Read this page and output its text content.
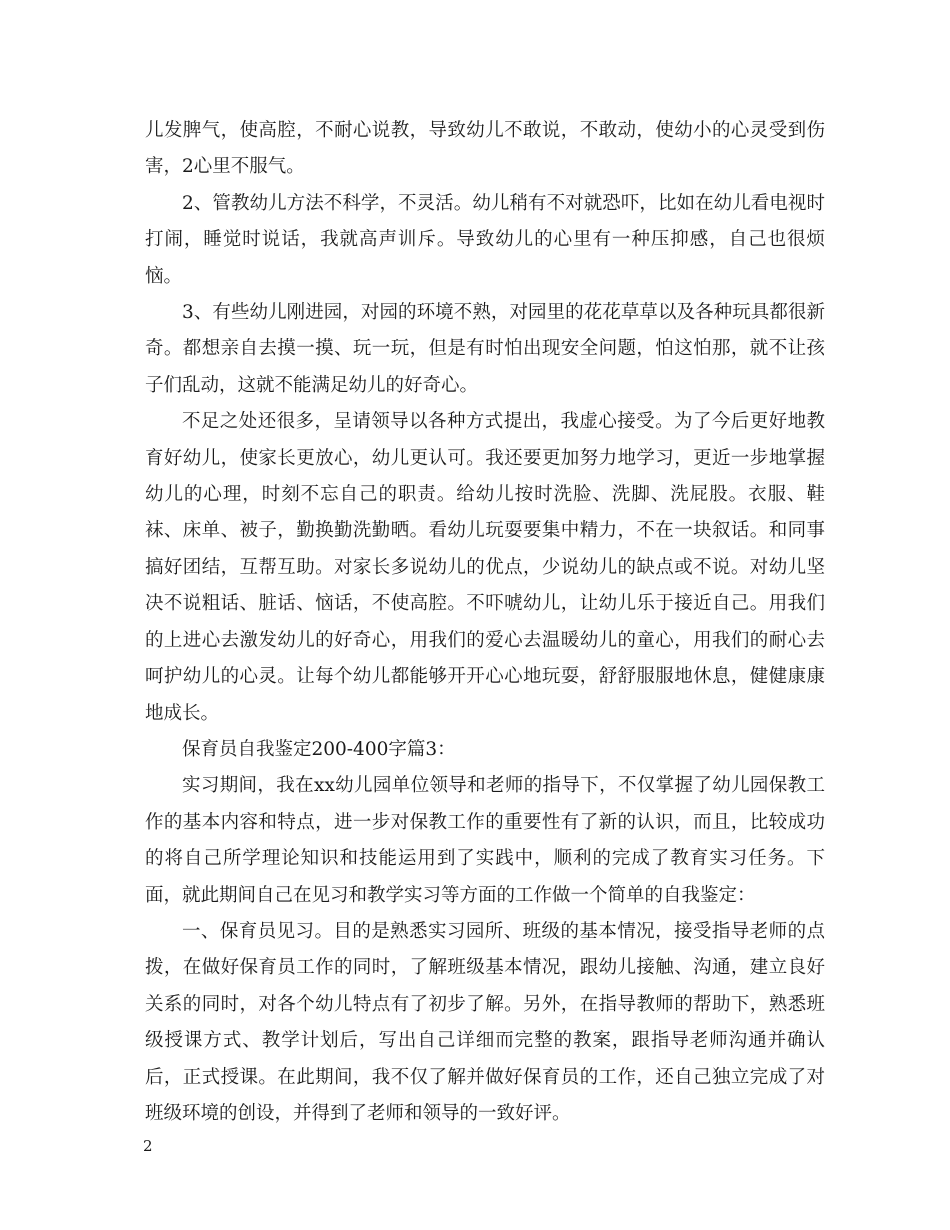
儿发脾气，使高腔，不耐心说教，导致幼儿不敢说，不敢动，使幼小的心灵受到伤害，2心里不服气。

2、管教幼儿方法不科学，不灵活。幼儿稍有不对就恐吓，比如在幼儿看电视时打闹，睡觉时说话，我就高声训斥。导致幼儿的心里有一种压抑感，自己也很烦恼。

3、有些幼儿刚进园，对园的环境不熟，对园里的花花草草以及各种玩具都很新奇。都想亲自去摸一摸、玩一玩，但是有时怕出现安全问题，怕这怕那，就不让孩子们乱动，这就不能满足幼儿的好奇心。

不足之处还很多，呈请领导以各种方式提出，我虚心接受。为了今后更好地教育好幼儿，使家长更放心，幼儿更认可。我还要更加努力地学习，更近一步地掌握幼儿的心理，时刻不忘自己的职责。给幼儿按时洗脸、洗脚、洗屁股。衣服、鞋袜、床单、被子，勤换勤洗勤晒。看幼儿玩耍要集中精力，不在一块叙话。和同事搞好团结，互帮互助。对家长多说幼儿的优点，少说幼儿的缺点或不说。对幼儿坚决不说粗话、脏话、恼话，不使高腔。不吓唬幼儿，让幼儿乐于接近自己。用我们的上进心去激发幼儿的好奇心，用我们的爱心去温暖幼儿的童心，用我们的耐心去呵护幼儿的心灵。让每个幼儿都能够开开心心地玩耍，舒舒服服地休息，健健康康地成长。

保育员自我鉴定200-400字篇3：

实习期间，我在xx幼儿园单位领导和老师的指导下，不仅掌握了幼儿园保教工作的基本内容和特点，进一步对保教工作的重要性有了新的认识，而且，比较成功的将自己所学理论知识和技能运用到了实践中，顺利的完成了教育实习任务。下面，就此期间自己在见习和教学实习等方面的工作做一个简单的自我鉴定：

一、保育员见习。目的是熟悉实习园所、班级的基本情况，接受指导老师的点拨，在做好保育员工作的同时，了解班级基本情况，跟幼儿接触、沟通，建立良好关系的同时，对各个幼儿特点有了初步了解。另外，在指导教师的帮助下，熟悉班级授课方式、教学计划后，写出自己详细而完整的教案，跟指导老师沟通并确认后，正式授课。在此期间，我不仅了解并做好保育员的工作，还自己独立完成了对班级环境的创设，并得到了老师和领导的一致好评。

2
